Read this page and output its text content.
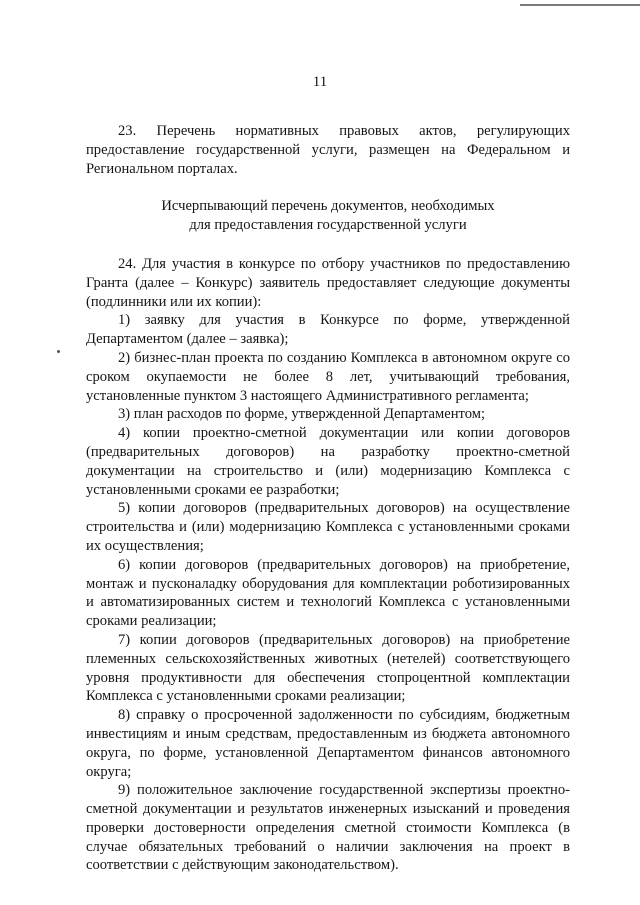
11

23. Перечень нормативных правовых актов, регулирующих предоставление государственной услуги, размещен на Федеральном и Региональном порталах.

Исчерпывающий перечень документов, необходимых
для предоставления государственной услуги

24. Для участия в конкурсе по отбору участников по предоставлению Гранта (далее – Конкурс) заявитель предоставляет следующие документы (подлинники или их копии):

1) заявку для участия в Конкурсе по форме, утвержденной Департаментом (далее – заявка);

2) бизнес-план проекта по созданию Комплекса в автономном округе со сроком окупаемости не более 8 лет, учитывающий требования, установленные пунктом 3 настоящего Административного регламента;

3) план расходов по форме, утвержденной Департаментом;

4) копии проектно-сметной документации или копии договоров (предварительных договоров) на разработку проектно-сметной документации на строительство и (или) модернизацию Комплекса с установленными сроками ее разработки;

5) копии договоров (предварительных договоров) на осуществление строительства и (или) модернизацию Комплекса с установленными сроками их осуществления;

6) копии договоров (предварительных договоров) на приобретение, монтаж и пусконаладку оборудования для комплектации роботизированных и автоматизированных систем и технологий Комплекса с установленными сроками реализации;

7) копии договоров (предварительных договоров) на приобретение племенных сельскохозяйственных животных (нетелей) соответствующего уровня продуктивности для обеспечения стопроцентной комплектации Комплекса с установленными сроками реализации;

8) справку о просроченной задолженности по субсидиям, бюджетным инвестициям и иным средствам, предоставленным из бюджета автономного округа, по форме, установленной Департаментом финансов автономного округа;

9) положительное заключение государственной экспертизы проектно-сметной документации и результатов инженерных изысканий и проведения проверки достоверности определения сметной стоимости Комплекса (в случае обязательных требований о наличии заключения на проект в соответствии с действующим законодательством).
